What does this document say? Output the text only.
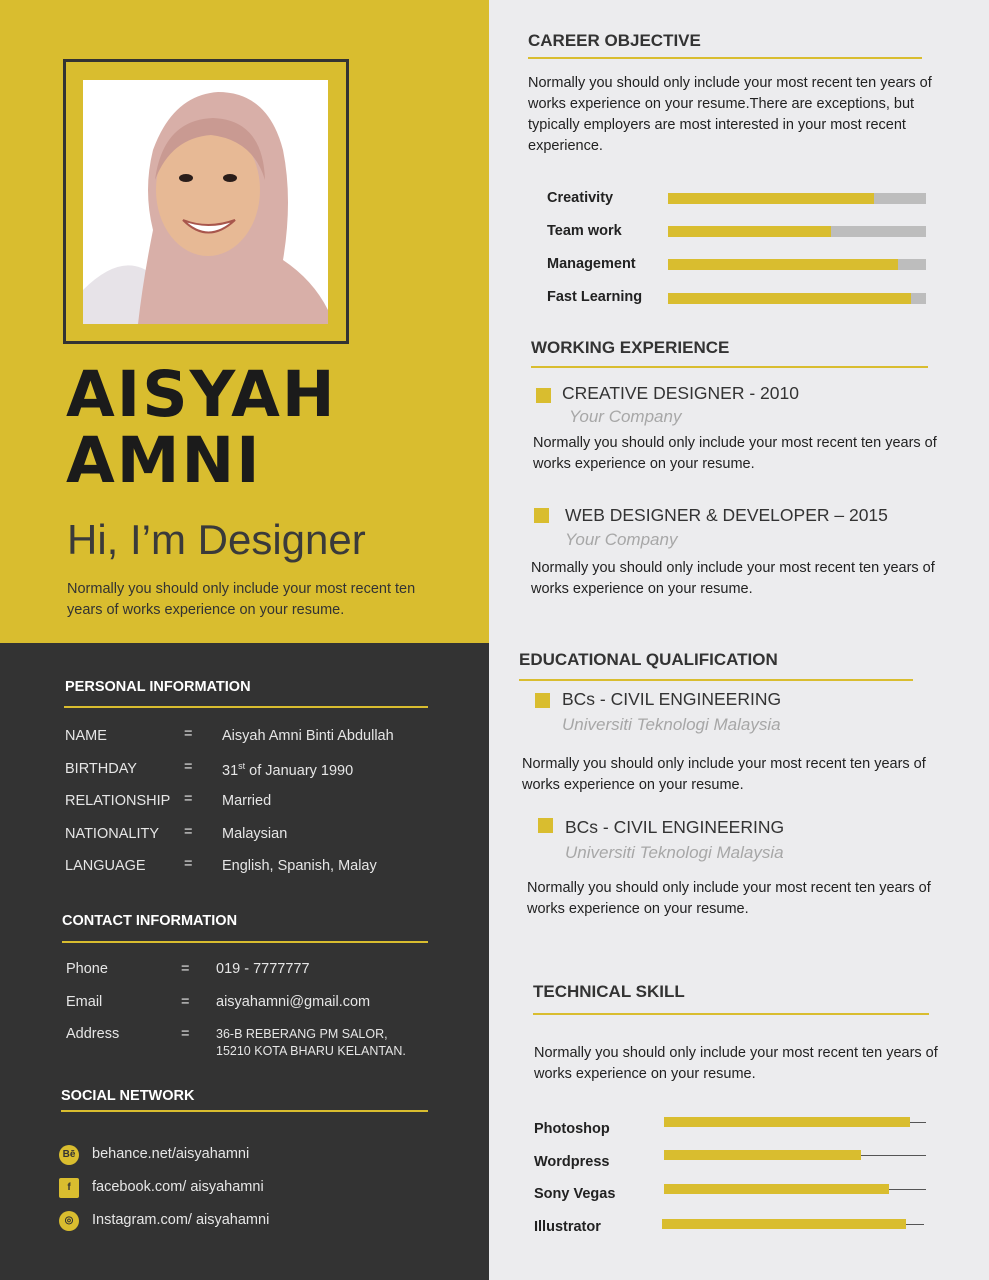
AISYAH
AMNI
Hi, I’m Designer
Normally you should only include your most recent ten years of works experience on your resume.
PERSONAL INFORMATION
NAME	= Aisyah Amni Binti Abdullah
BIRTHDAY	= 31st of January 1990
RELATIONSHIP = Married
NATIONALITY = Malaysian
LANGUAGE	= English, Spanish, Malay
CONTACT INFORMATION
Phone	= 019 - 7777777
Email	= aisyahamni@gmail.com
Address	= 36-B REBERANG PM SALOR,
15210 KOTA BHARU KELANTAN.
SOCIAL NETWORK
Bē behance.net/aisyahamni
f	facebook.com/ aisyahamni
◎	Instagram.com/ aisyahamni
CAREER OBJECTIVE
Normally you should only include your most recent ten years of works experience on your resume.There are exceptions, but typically employers are most interested in your most recent experience.
Creativity
Team work
Management
Fast Learning
WORKING EXPERIENCE
CREATIVE DESIGNER - 2010
Your Company
Normally you should only include your most recent ten years of works experience on your resume.
WEB DESIGNER & DEVELOPER – 2015
Your Company
Normally you should only include your most recent ten years of works experience on your resume.
EDUCATIONAL QUALIFICATION
BCs - CIVIL ENGINEERING
Universiti Teknologi Malaysia
Normally you should only include your most recent ten years of works experience on your resume.
BCs - CIVIL ENGINEERING
Universiti Teknologi Malaysia
Normally you should only include your most recent ten years of works experience on your resume.
TECHNICAL SKILL
Normally you should only include your most recent ten years of works experience on your resume.
Photoshop
Wordpress
Sony Vegas
Illustrator
